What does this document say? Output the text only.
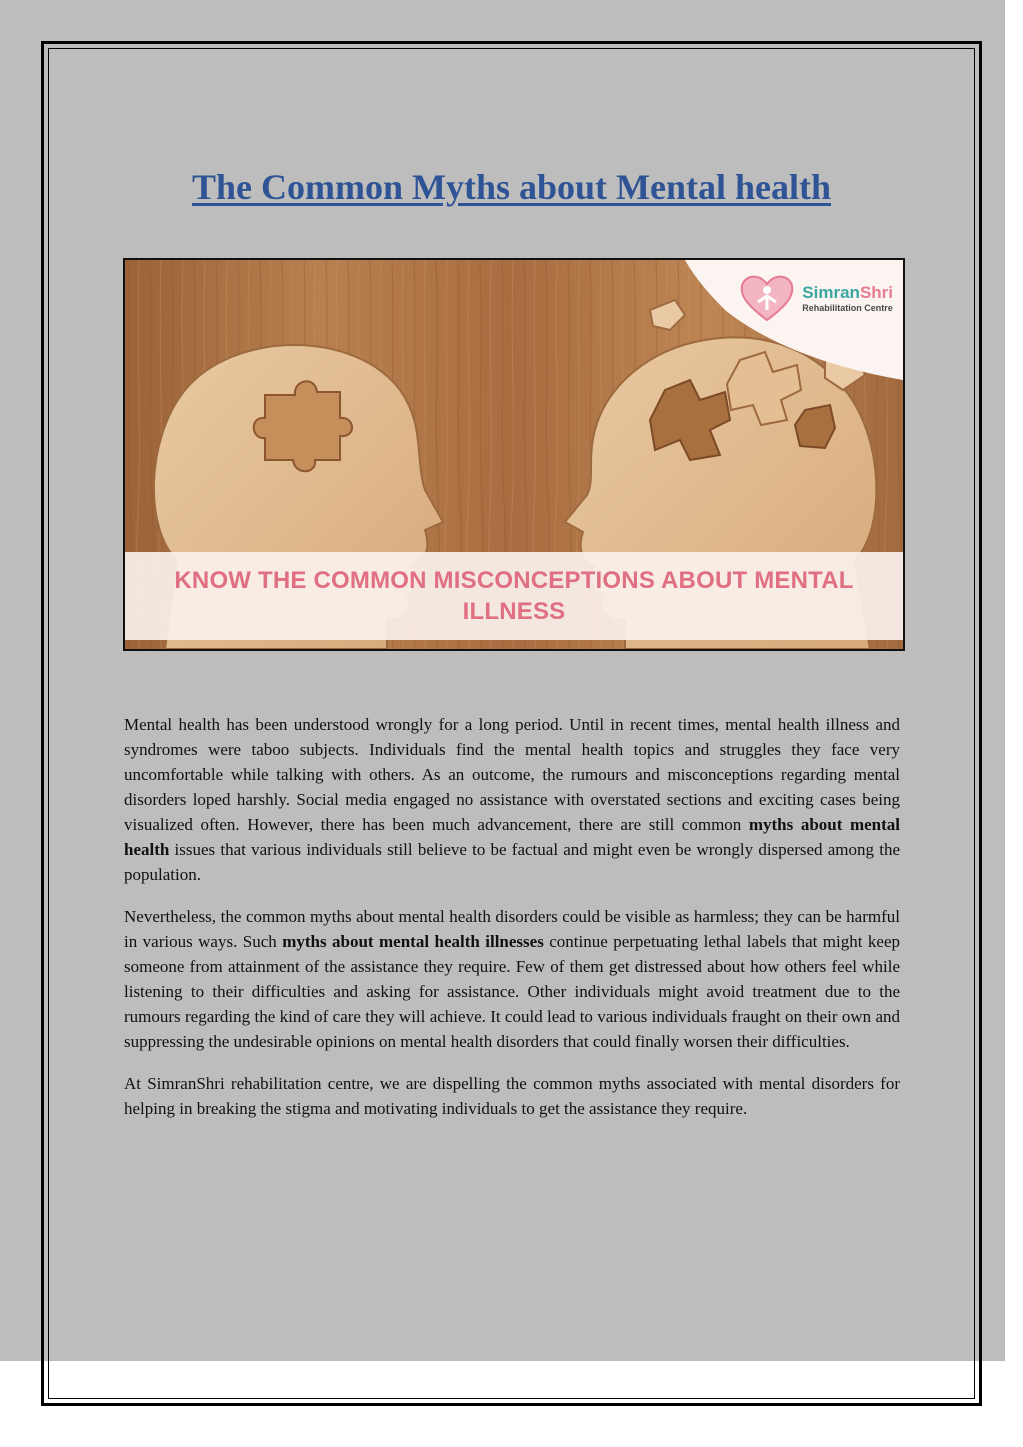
The Common Myths about Mental health
SimranShri
Rehabilitation Centre
KNOW THE COMMON MISCONCEPTIONS ABOUT MENTAL ILLNESS

Mental health has been understood wrongly for a long period. Until in recent times, mental health illness and syndromes were taboo subjects. Individuals find the mental health topics and struggles they face very uncomfortable while talking with others. As an outcome, the rumours and misconceptions regarding mental disorders loped harshly. Social media engaged no assistance with overstated sections and exciting cases being visualized often. However, there has been much advancement, there are still common myths about mental health issues that various individuals still believe to be factual and might even be wrongly dispersed among the population.

Nevertheless, the common myths about mental health disorders could be visible as harmless; they can be harmful in various ways. Such myths about mental health illnesses continue perpetuating lethal labels that might keep someone from attainment of the assistance they require. Few of them get distressed about how others feel while listening to their difficulties and asking for assistance. Other individuals might avoid treatment due to the rumours regarding the kind of care they will achieve. It could lead to various individuals fraught on their own and suppressing the undesirable opinions on mental health disorders that could finally worsen their difficulties.

At SimranShri rehabilitation centre, we are dispelling the common myths associated with mental disorders for helping in breaking the stigma and motivating individuals to get the assistance they require.
